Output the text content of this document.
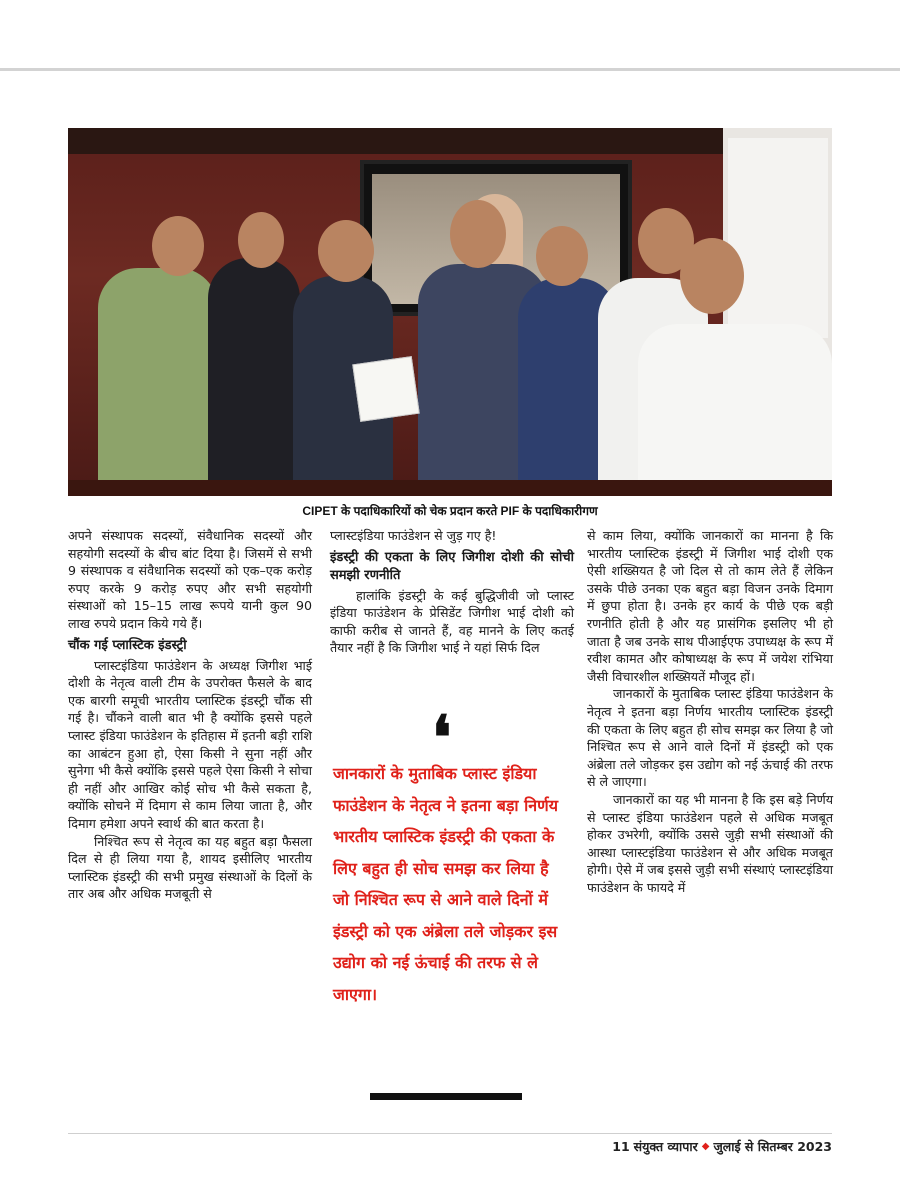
CIPET के पदाधिकारियों को चेक प्रदान करते PIF के पदाधिकारीगण

अपने संस्थापक सदस्यों, संवैधानिक सदस्यों और सहयोगी सदस्यों के बीच बांट दिया है। जिसमें से सभी 9 संस्थापक व संवैधानिक सदस्यों को एक–एक करोड़ रुपए करके 9 करोड़ रुपए और सभी सहयोगी संस्थाओं को 15–15 लाख रूपये यानी कुल 90 लाख रुपये प्रदान किये गये हैं।

चौंक गई प्लास्टिक इंडस्ट्री

प्लास्टइंडिया फाउंडेशन के अध्यक्ष जिगीश भाई दोशी के नेतृत्व वाली टीम के उपरोक्त फैसले के बाद एक बारगी समूची भारतीय प्लास्टिक इंडस्ट्री चौंक सी गई है। चौंकने वाली बात भी है क्योंकि इससे पहले प्लास्ट इंडिया फाउंडेशन के इतिहास में इतनी बड़ी राशि का आबंटन हुआ हो, ऐसा किसी ने सुना नहीं और सुनेगा भी कैसे क्योंकि इससे पहले ऐसा किसी ने सोचा ही नहीं और आखिर कोई सोच भी कैसे सकता है, क्योंकि सोचने में दिमाग से काम लिया जाता है, और दिमाग हमेशा अपने स्वार्थ की बात करता है।

निश्चित रूप से नेतृत्व का यह बहुत बड़ा फैसला दिल से ही लिया गया है, शायद इसीलिए भारतीय प्लास्टिक इंडस्ट्री की सभी प्रमुख संस्थाओं के दिलों के तार अब और अधिक मजबूती से

प्लास्टइंडिया फाउंडेशन से जुड़ गए है!

इंडस्ट्री की एकता के लिए जिगीश दोशी की सोची समझी रणनीति

हालांकि इंडस्ट्री के कई बुद्धिजीवी जो प्लास्ट इंडिया फाउंडेशन के प्रेसिडेंट जिगीश भाई दोशी को काफी करीब से जानते हैं, वह मानने के लिए कतई तैयार नहीं है कि जिगीश भाई ने यहां सिर्फ दिल

❛
जानकारों के मुताबिक प्लास्ट इंडिया फाउंडेशन के नेतृत्व ने इतना बड़ा निर्णय भारतीय प्लास्टिक इंडस्ट्री की एकता के लिए बहुत ही सोच समझ कर लिया है जो निश्चित रूप से आने वाले दिनों में इंडस्ट्री को एक अंब्रेला तले जोड़कर इस उद्योग को नई ऊंचाई की तरफ से ले जाएगा।

से काम लिया, क्योंकि जानकारों का मानना है कि भारतीय प्लास्टिक इंडस्ट्री में जिगीश भाई दोशी एक ऐसी शख्सियत है जो दिल से तो काम लेते हैं लेकिन उसके पीछे उनका एक बहुत बड़ा विजन उनके दिमाग में छुपा होता है। उनके हर कार्य के पीछे एक बड़ी रणनीति होती है और यह प्रासंगिक इसलिए भी हो जाता है जब उनके साथ पीआईएफ उपाध्यक्ष के रूप में रवीश कामत और कोषाध्यक्ष के रूप में जयेश रांभिया जैसी विचारशील शख्सियतें मौजूद हों।

जानकारों के मुताबिक प्लास्ट इंडिया फाउंडेशन के नेतृत्व ने इतना बड़ा निर्णय भारतीय प्लास्टिक इंडस्ट्री की एकता के लिए बहुत ही सोच समझ कर लिया है जो निश्चित रूप से आने वाले दिनों में इंडस्ट्री को एक अंब्रेला तले जोड़कर इस उद्योग को नई ऊंचाई की तरफ से ले जाएगा।

जानकारों का यह भी मानना है कि इस बड़े निर्णय से प्लास्ट इंडिया फाउंडेशन पहले से अधिक मजबूत होकर उभरेगी, क्योंकि उससे जुड़ी सभी संस्थाओं की आस्था प्लास्टइंडिया फाउंडेशन से और अधिक मजबूत होगी। ऐसे में जब इससे जुड़ी सभी संस्थाएं प्लास्टइंडिया फाउंडेशन के फायदे में

11 संयुक्त व्यापार ◆ जुलाई से सितम्बर 2023
